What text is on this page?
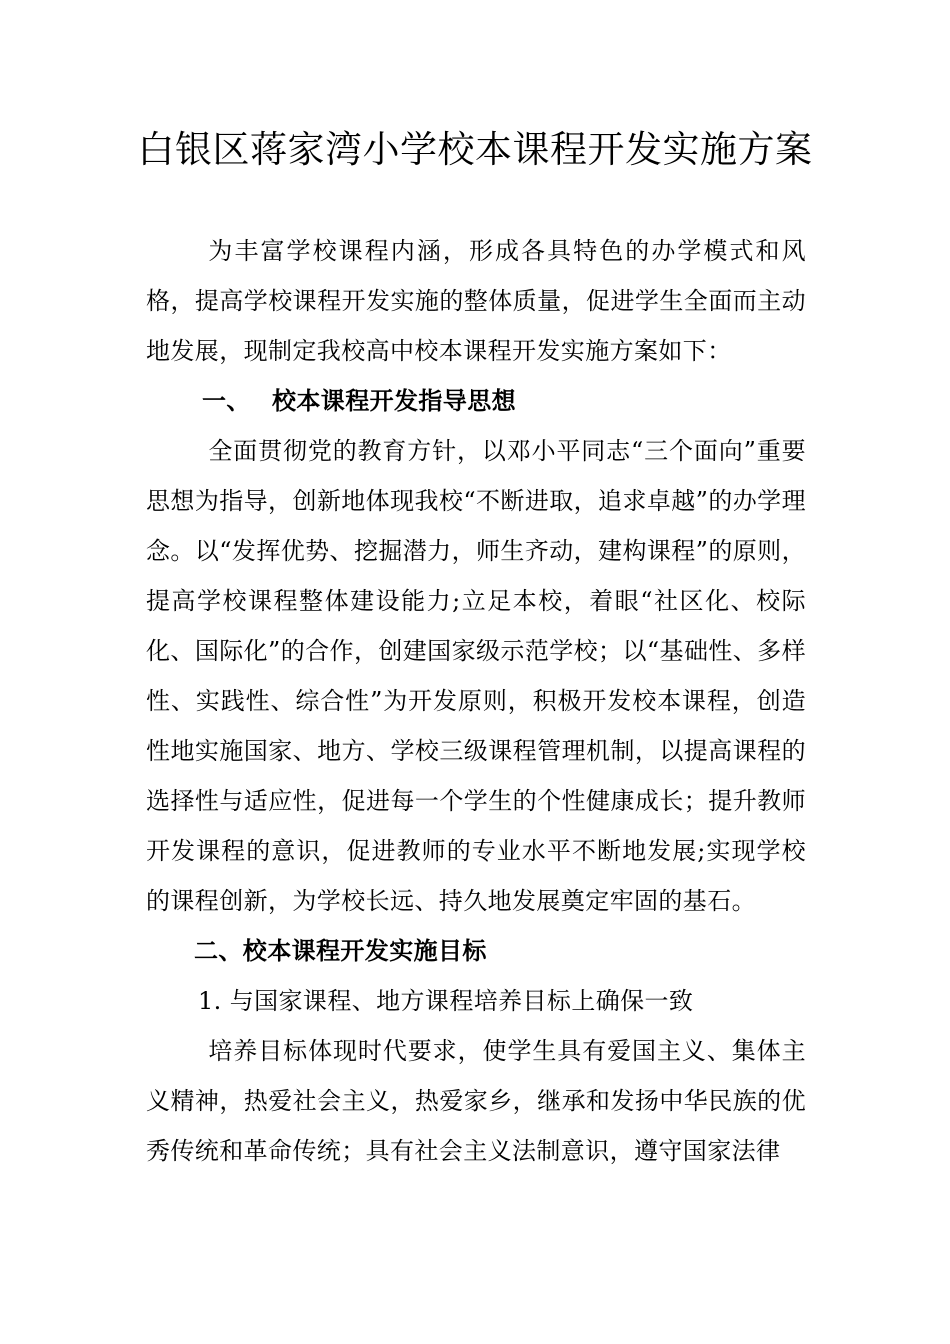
白银区蒋家湾小学校本课程开发实施方案

为丰富学校课程内涵，形成各具特色的办学模式和风格，提高学校课程开发实施的整体质量，促进学生全面而主动地发展，现制定我校高中校本课程开发实施方案如下：

一、 校本课程开发指导思想

全面贯彻党的教育方针，以邓小平同志“三个面向”重要思想为指导，创新地体现我校“不断进取，追求卓越”的办学理念。以“发挥优势、挖掘潜力，师生齐动，建构课程”的原则，提高学校课程整体建设能力;立足本校，着眼“社区化、校际化、国际化”的合作，创建国家级示范学校；以“基础性、多样性、实践性、综合性”为开发原则，积极开发校本课程，创造性地实施国家、地方、学校三级课程管理机制，以提高课程的选择性与适应性，促进每一个学生的个性健康成长；提升教师开发课程的意识，促进教师的专业水平不断地发展;实现学校的课程创新，为学校长远、持久地发展奠定牢固的基石。

二、校本课程开发实施目标

1. 与国家课程、地方课程培养目标上确保一致

培养目标体现时代要求，使学生具有爱国主义、集体主义精神，热爱社会主义，热爱家乡，继承和发扬中华民族的优秀传统和革命传统；具有社会主义法制意识，遵守国家法律
